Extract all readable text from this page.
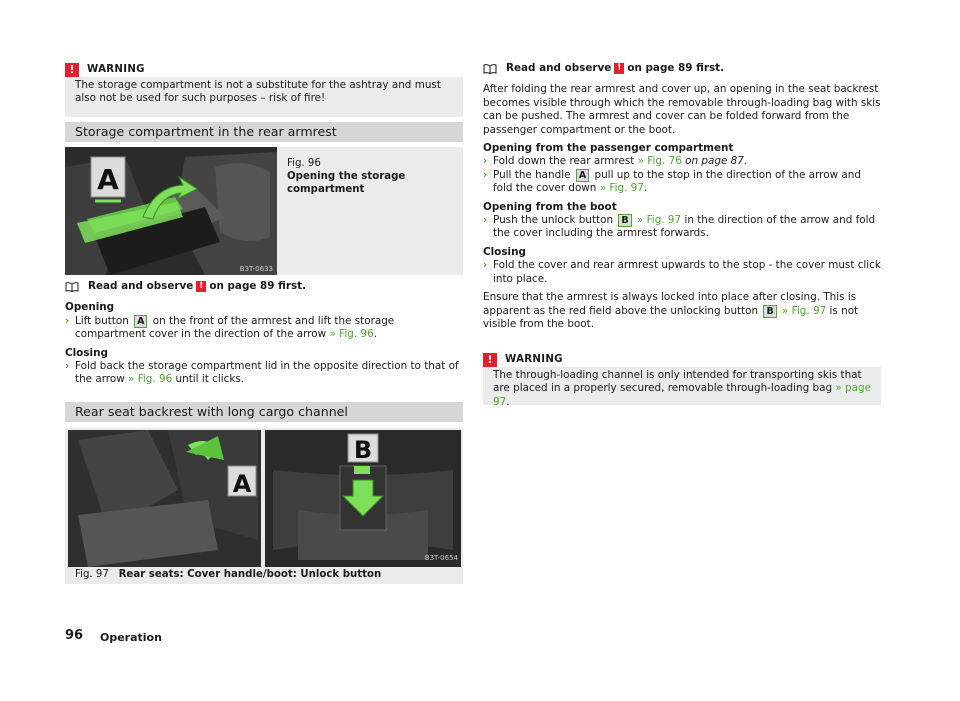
!	WARNING
The storage compartment is not a substitute for the ashtray and must also not be used for such purposes – risk of fire!
Storage compartment in the rear armrest
A
B3T-0633
Fig. 96
Opening the storage compartment
Read and observe ! on page 89 first.

Opening

› Lift button A on the front of the armrest and lift the storage compartment cover in the direction of the arrow » Fig. 96.

Closing

› Fold back the storage compartment lid in the opposite direction to that of the arrow » Fig. 96 until it clicks.

Rear seat backrest with long cargo channel
A
B
B3T-0654
Fig. 97 Rear seats: Cover handle/boot: Unlock button
Read and observe ! on page 89 first.

After folding the rear armrest and cover up, an opening in the seat backrest becomes visible through which the removable through-loading bag with skis can be pushed. The armrest and cover can be folded forward from the passenger compartment or the boot.

Opening from the passenger compartment

› Fold down the rear armrest » Fig. 76 on page 87.

› Pull the handle A pull up to the stop in the direction of the arrow and fold the cover down » Fig. 97.

Opening from the boot

› Push the unlock button B » Fig. 97 in the direction of the arrow and fold the cover including the armrest forwards.

Closing

› Fold the cover and rear armrest upwards to the stop - the cover must click into place.

Ensure that the armrest is always locked into place after closing. This is apparent as the red field above the unlocking button B » Fig. 97 is not visible from the boot.

!	WARNING
The through-loading channel is only intended for transporting skis that are placed in a properly secured, removable through-loading bag » page 97.
96 Operation
